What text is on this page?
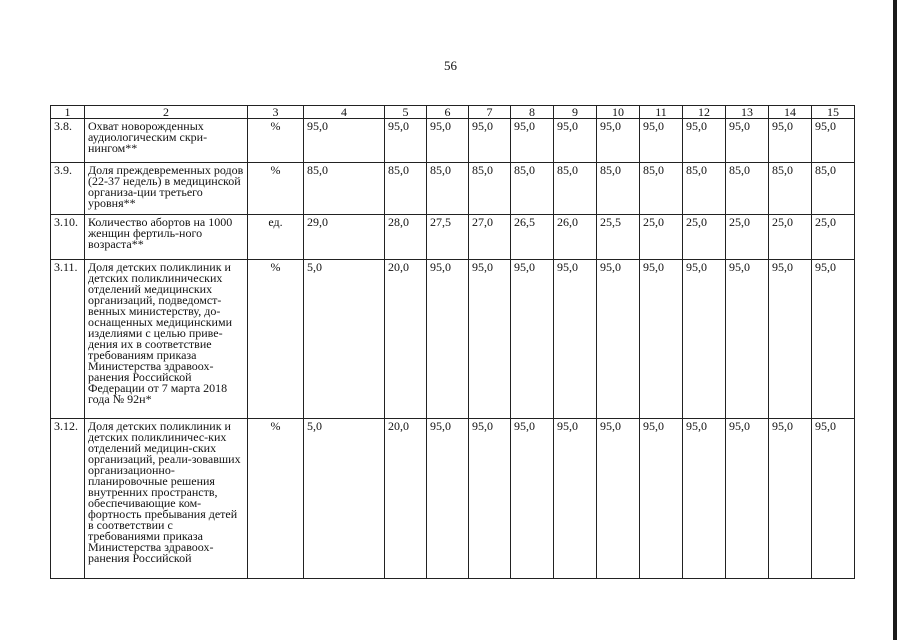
56
1	2	3	4	5	6	7	8	9	10	11	12	13	14	15
3.8.	Охват новорожденных аудиологическим скри-нингом**	%	95,0	95,0	95,0	95,0	95,0	95,0	95,0	95,0	95,0	95,0	95,0	95,0
3.9.	Доля преждевременных родов (22-37 недель) в медицинской организа-ции третьего уровня**	%	85,0	85,0	85,0	85,0	85,0	85,0	85,0	85,0	85,0	85,0	85,0	85,0
3.10.	Количество абортов на 1000 женщин фертиль-ного возраста**	ед.	29,0	28,0	27,5	27,0	26,5	26,0	25,5	25,0	25,0	25,0	25,0	25,0
3.11.	Доля детских поликлиник и детских поликлинических отделений медицинских организаций, подведомст-венных министерству, до-оснащенных медицинскими изделиями с целью приве-дения их в соответствие требованиям приказа Министерства здравоох-ранения Российской Федерации от 7 марта 2018 года № 92н*	%	5,0	20,0	95,0	95,0	95,0	95,0	95,0	95,0	95,0	95,0	95,0	95,0
3.12.	Доля детских поликлиник и детских поликлиничес-ких отделений медицин-ских организаций, реали-зовавших организационно-планировочные решения внутренних пространств, обеспечивающие ком-фортность пребывания детей в соответствии с требованиями приказа Министерства здравоох-ранения Российской	%	5,0	20,0	95,0	95,0	95,0	95,0	95,0	95,0	95,0	95,0	95,0	95,0
